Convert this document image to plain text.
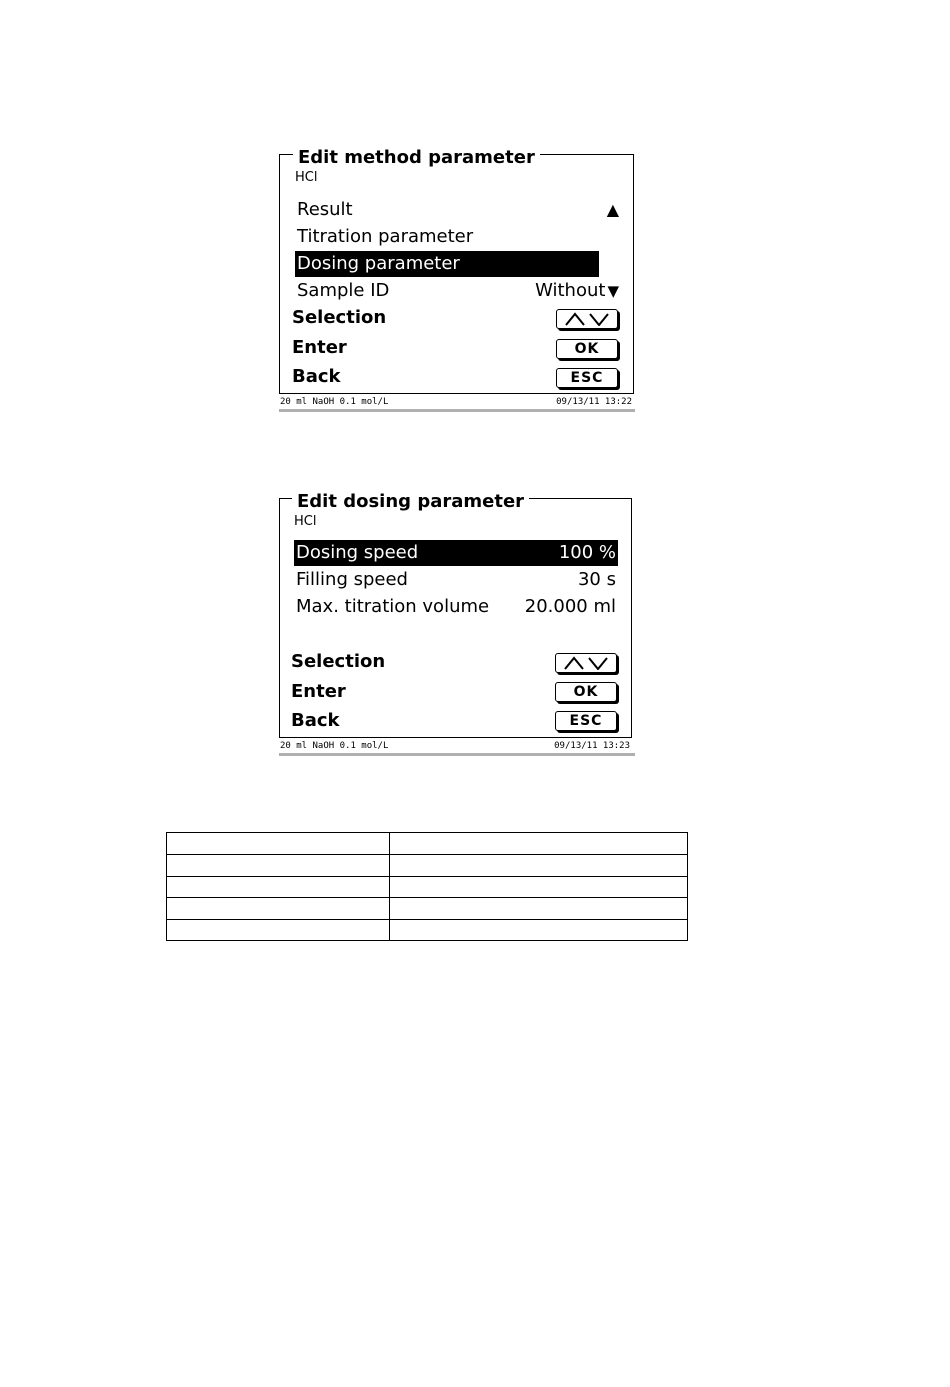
Edit method parameter
HCl
Result	▲
Titration parameter
Dosing parameter
Sample ID	Without ▼
Selection
Enter	OK
Back	ESC
20 ml NaOH 0.1 mol/L	09/13/11 13:22
Edit dosing parameter
HCl
Dosing speed	100 %
Filling speed	30 s
Max. titration volume 20.000 ml
Selection
Enter	OK
Back	ESC
20 ml NaOH 0.1 mol/L	09/13/11 13:23
